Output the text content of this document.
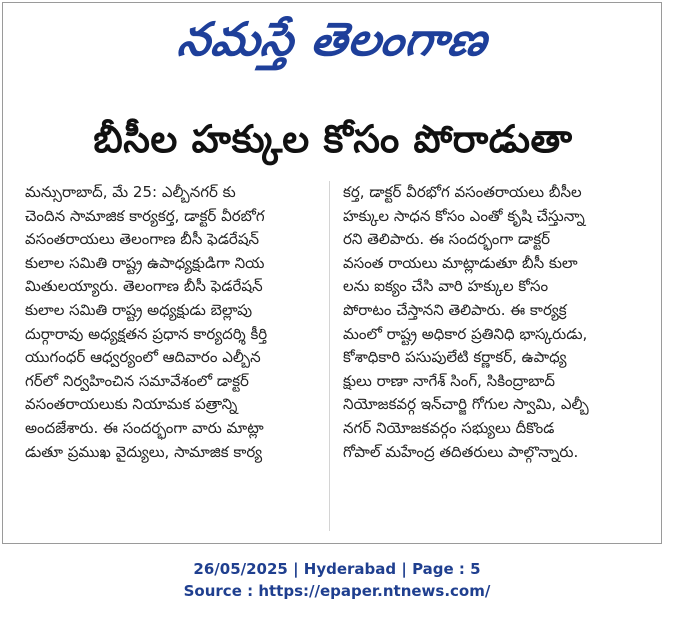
నమస్తే తెలంగాణ
బీసీల హక్కుల కోసం పోరాడుతా
మన్సురాబాద్, మే 25: ఎల్బీనగర్ కు
చెందిన సామాజిక కార్యకర్త, డాక్టర్ వీరబోగ
వసంతరాయలు తెలంగాణ బీసీ ఫెడరేషన్
కులాల సమితి రాష్ట్ర ఉపాధ్యక్షుడిగా నియ
మితులయ్యారు. తెలంగాణ బీసీ ఫెడరేషన్
కులాల సమితి రాష్ట్ర అధ్యక్షుడు బెల్లాపు
దుర్గారావు అధ్యక్షతన ప్రధాన కార్యదర్శి కీర్తి
యుగంధర్ ఆధ్వర్యంలో ఆదివారం ఎల్బీన
గర్‌లో నిర్వహించిన సమావేశంలో డాక్టర్
వసంతరాయలుకు నియామక పత్రాన్ని
అందజేశారు. ఈ సందర్భంగా వారు మాట్లా
డుతూ ప్రముఖ వైద్యులు, సామాజిక కార్య
కర్త, డాక్టర్ వీరభోగ వసంతరాయలు బీసీల
హక్కుల సాధన కోసం ఎంతో కృషి చేస్తున్నా
రని తెలిపారు. ఈ సందర్భంగా డాక్టర్
వసంత రాయలు మాట్లాడుతూ బీసీ కులా
లను ఐక్యం చేసి వారి హక్కుల కోసం
పోరాటం చేస్తానని తెలిపారు. ఈ కార్యక్ర
మంలో రాష్ట్ర అధికార ప్రతినిధి భాస్కరుడు,
కోశాధికారి పసుపులేటి కర్ణాకర్, ఉపాధ్య
క్షులు రాణా నాగేశ్ సింగ్, సికింద్రాబాద్
నియోజకవర్గ ఇన్‌చార్జి గోగుల స్వామి, ఎల్బీ
నగర్ నియోజకవర్గం సభ్యులు దీకొండ
గోపాల్ మహేంద్ర తదితరులు పాల్గొన్నారు.
26/05/2025 | Hyderabad | Page : 5
Source : https://epaper.ntnews.com/
